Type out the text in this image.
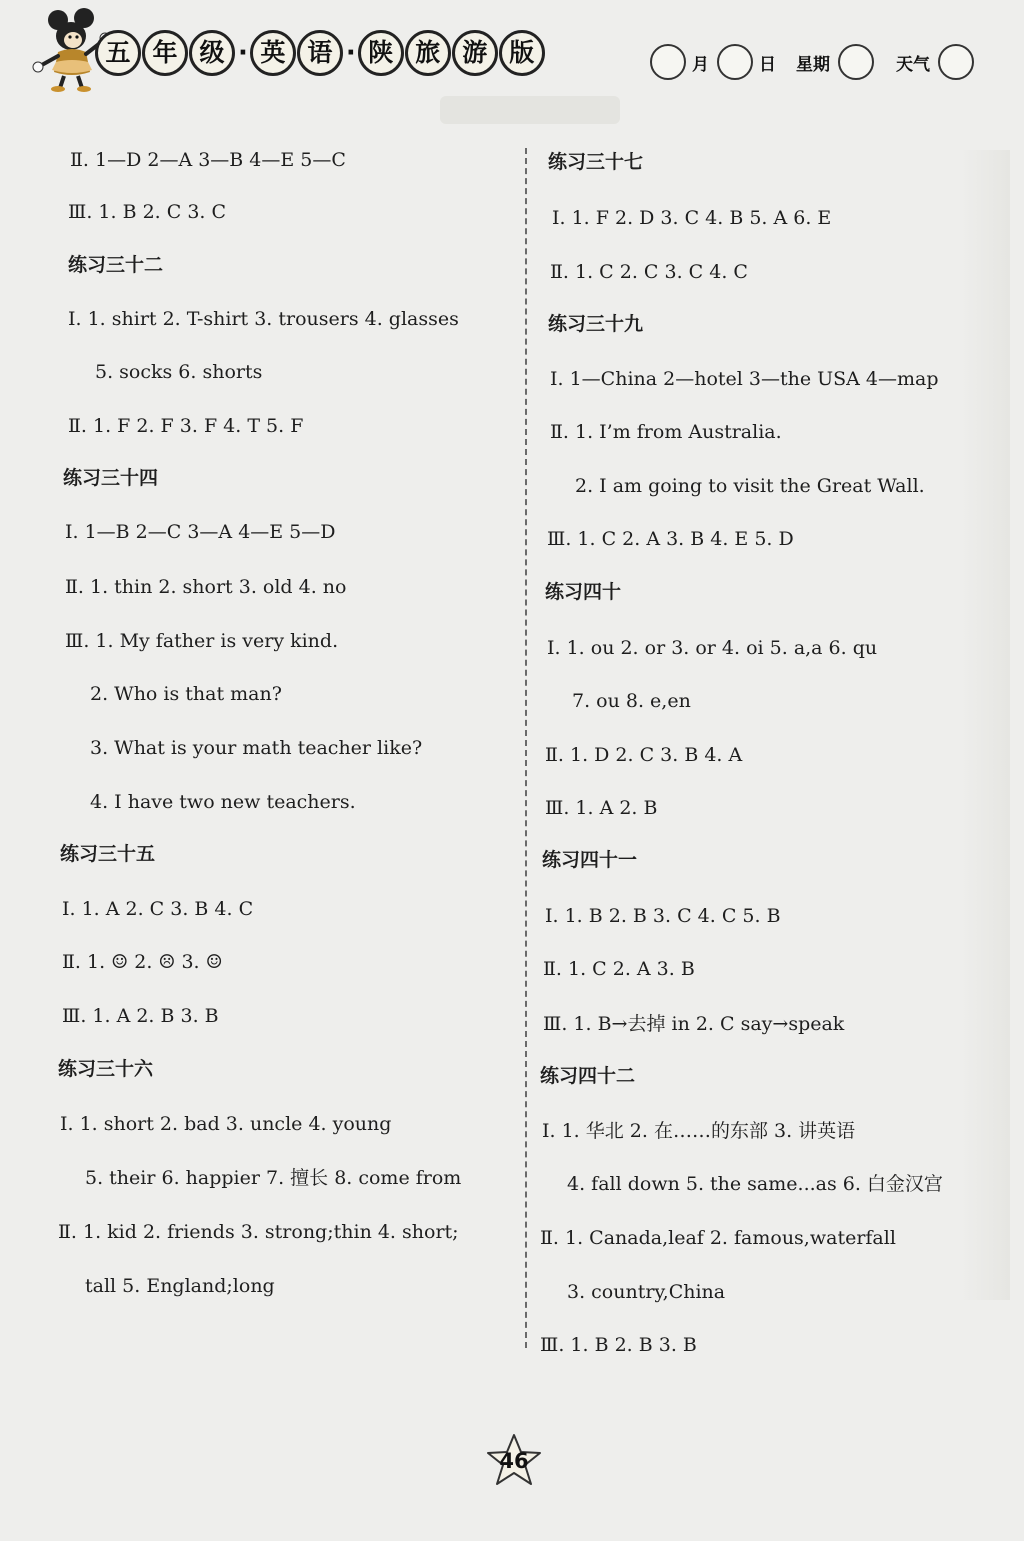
五 年 级 · 英 语 · 陕 旅 游 版	月	日 星期	天气
Ⅱ. 1—D 2—A 3—B 4—E 5—C
Ⅲ. 1. B 2. C 3. C
练习三十二
Ⅰ. 1. shirt 2. T-shirt 3. trousers 4. glasses
5. socks 6. shorts
Ⅱ. 1. F 2. F 3. F 4. T 5. F
练习三十四
Ⅰ. 1—B 2—C 3—A 4—E 5—D
Ⅱ. 1. thin 2. short 3. old 4. no
Ⅲ. 1. My father is very kind.
2. Who is that man?
3. What is your math teacher like?
4. I have two new teachers.
练习三十五
Ⅰ. 1. A 2. C 3. B 4. C
Ⅱ. 1. ☺ 2. ☹ 3. ☺
Ⅲ. 1. A 2. B 3. B
练习三十六
Ⅰ. 1. short 2. bad 3. uncle 4. young
5. their 6. happier 7. 擅长 8. come from
Ⅱ. 1. kid 2. friends 3. strong;thin 4. short;
tall 5. England;long
练习三十七
Ⅰ. 1. F 2. D 3. C 4. B 5. A 6. E
Ⅱ. 1. C 2. C 3. C 4. C
练习三十九
Ⅰ. 1—China 2—hotel 3—the USA 4—map
Ⅱ. 1. I’m from Australia.
2. I am going to visit the Great Wall.
Ⅲ. 1. C 2. A 3. B 4. E 5. D
练习四十
Ⅰ. 1. ou 2. or 3. or 4. oi 5. a,a 6. qu
7. ou 8. e,en
Ⅱ. 1. D 2. C 3. B 4. A
Ⅲ. 1. A 2. B
练习四十一
Ⅰ. 1. B 2. B 3. C 4. C 5. B
Ⅱ. 1. C 2. A 3. B
Ⅲ. 1. B→去掉 in 2. C say→speak
练习四十二
Ⅰ. 1. 华北 2. 在……的东部 3. 讲英语
4. fall down 5. the same...as 6. 白金汉宫
Ⅱ. 1. Canada,leaf 2. famous,waterfall
3. country,China
Ⅲ. 1. B 2. B 3. B
46
